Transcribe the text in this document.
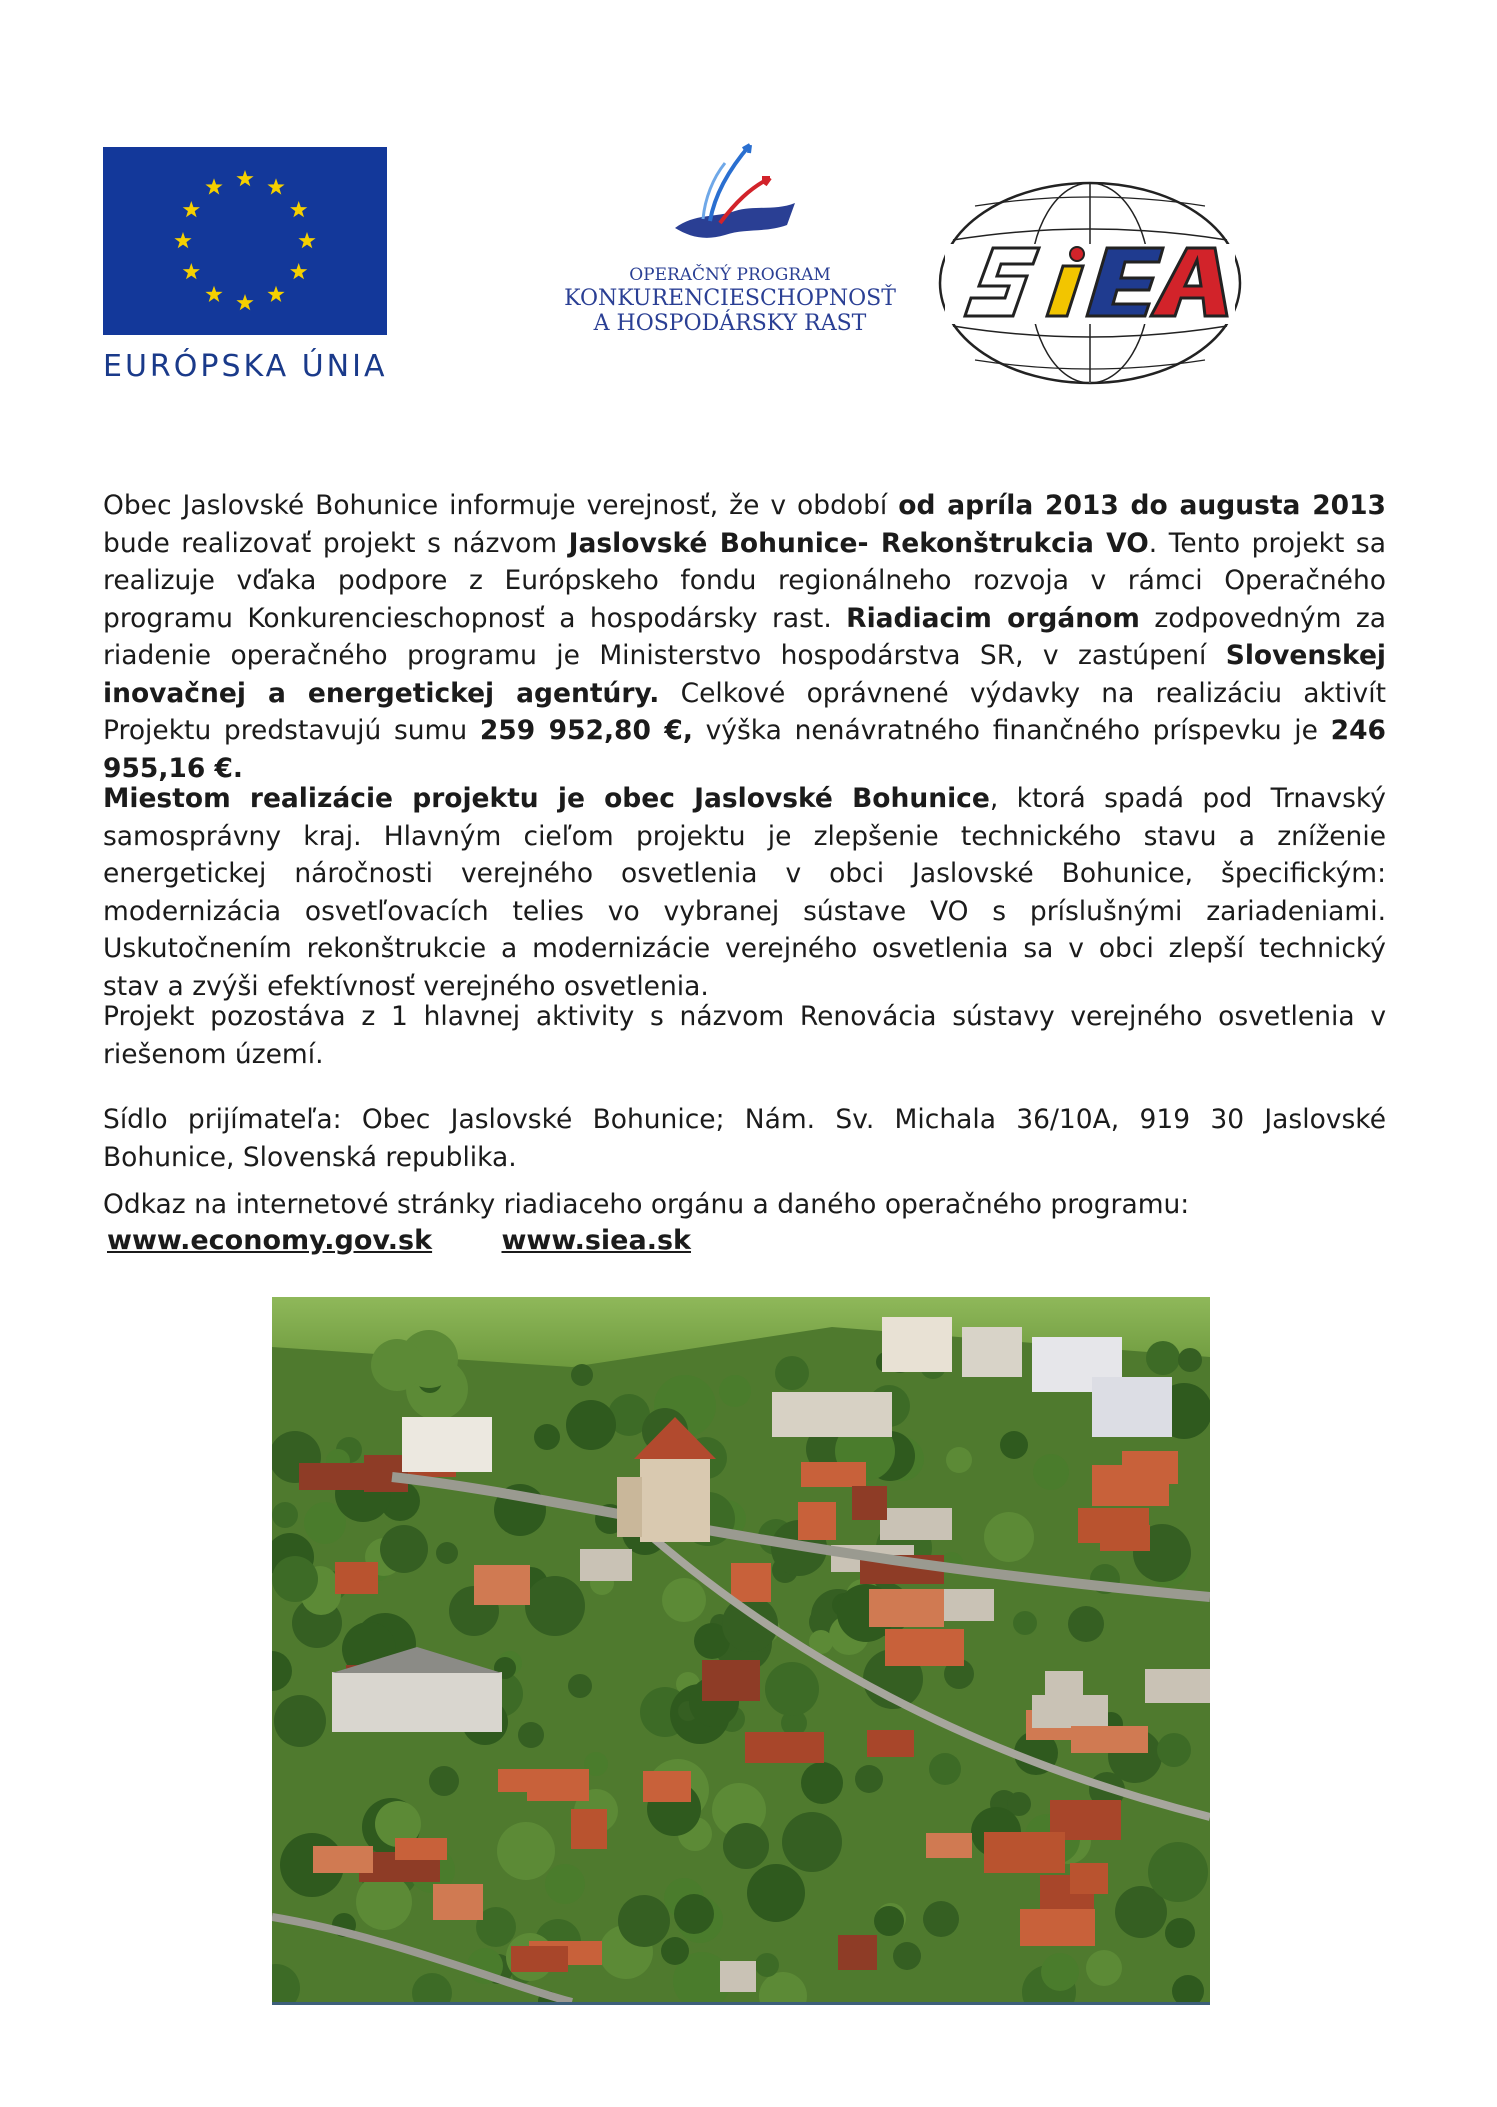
EURÓPSKA ÚNIA
OPERAČNÝ PROGRAM
KONKURENCIESCHOPNOSŤ
A HOSPODÁRSKY RAST
SIEA

Obec Jaslovské Bohunice informuje verejnosť, že v období od apríla 2013 do augusta 2013 bude realizovať projekt s názvom Jaslovské Bohunice- Rekonštrukcia VO. Tento projekt sa realizuje vďaka podpore z Európskeho fondu regionálneho rozvoja v rámci Operačného programu Konkurencieschopnosť a hospodársky rast. Riadiacim orgánom zodpovedným za riadenie operačného programu je Ministerstvo hospodárstva SR, v zastúpení Slovenskej inovačnej a energetickej agentúry. Celkové oprávnené výdavky na realizáciu aktivít Projektu predstavujú sumu 259 952,80 €, výška nenávratného finančného príspevku je 246 955,16 €.

Miestom realizácie projektu je obec Jaslovské Bohunice, ktorá spadá pod Trnavský samosprávny kraj. Hlavným cieľom projektu je zlepšenie technického stavu a zníženie energetickej náročnosti verejného osvetlenia v obci Jaslovské Bohunice, špecifickým: modernizácia osvetľovacích telies vo vybranej sústave VO s príslušnými zariadeniami. Uskutočnením rekonštrukcie a modernizácie verejného osvetlenia sa v obci zlepší technický stav a zvýši efektívnosť verejného osvetlenia.

Projekt pozostáva z 1 hlavnej aktivity s názvom Renovácia sústavy verejného osvetlenia v riešenom území.

Sídlo prijímateľa: Obec Jaslovské Bohunice; Nám. Sv. Michala 36/10A, 919 30 Jaslovské Bohunice, Slovenská republika.

Odkaz na internetové stránky riadiaceho orgánu a daného operačného programu:

www.economy.gov.sk	www.siea.sk
